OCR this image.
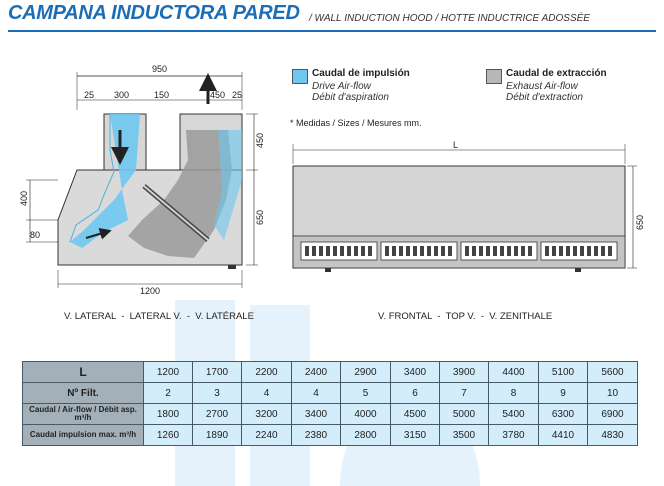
CAMPANA INDUCTORA PARED / WALL INDUCTION HOOD / HOTTE INDUCTRICE ADOSSÉE
Caudal de impulsión
Drive Air-flow
Débit d'aspiration
Caudal de extracción
Exhaust Air-flow
Débit d'extraction
* Medidas / Sizes / Mesures mm.
950
25 300	150	450 25
450
650
400
80
1200
V. LATERAL  -  LATERAL V.  -  V. LATÉRALE
L
650
V. FRONTAL  -  TOP V.  -  V. ZENITHALE
L	1200	1700	2200	2400	2900	3400	3900	4400	5100	5600
Nº Filt.	2	3	4	4	5	6	7	8	9	10
Caudal / Air-flow / Débit asp. m³/h	1800	2700	3200	3400	4000	4500	5000	5400	6300	6900
Caudal impulsion max. m³/h	1260	1890	2240	2380	2800	3150	3500	3780	4410	4830
